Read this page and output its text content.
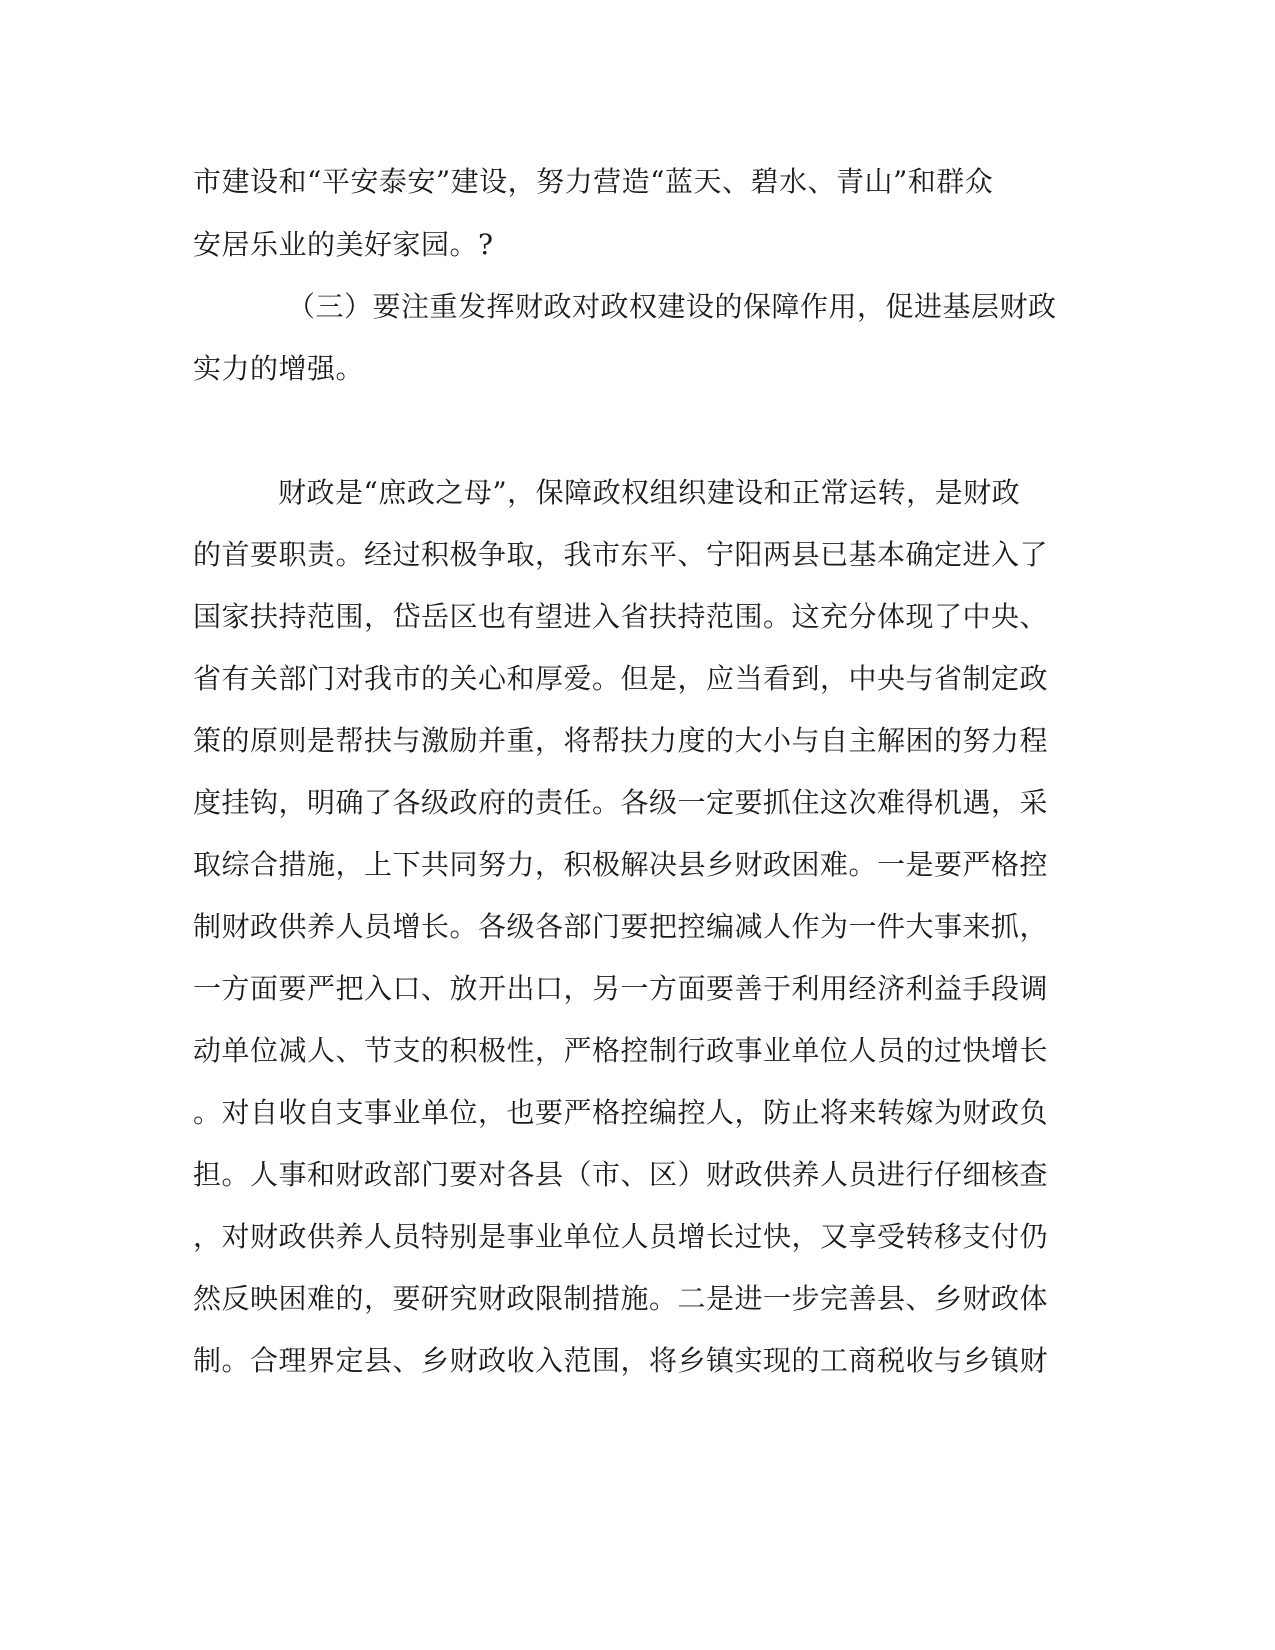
市建设和“平安泰安”建设，努力营造“蓝天、碧水、青山”和群众
安居乐业的美好家园。?
（三）要注重发挥财政对政权建设的保障作用，促进基层财政
实力的增强。
财政是“庶政之母”，保障政权组织建设和正常运转，是财政
的首要职责。经过积极争取，我市东平、宁阳两县已基本确定进入了
国家扶持范围，岱岳区也有望进入省扶持范围。这充分体现了中央、
省有关部门对我市的关心和厚爱。但是，应当看到，中央与省制定政
策的原则是帮扶与激励并重，将帮扶力度的大小与自主解困的努力程
度挂钩，明确了各级政府的责任。各级一定要抓住这次难得机遇，采
取综合措施，上下共同努力，积极解决县乡财政困难。一是要严格控
制财政供养人员增长。各级各部门要把控编减人作为一件大事来抓，
一方面要严把入口、放开出口，另一方面要善于利用经济利益手段调
动单位减人、节支的积极性，严格控制行政事业单位人员的过快增长
。对自收自支事业单位，也要严格控编控人，防止将来转嫁为财政负
担。人事和财政部门要对各县（市、区）财政供养人员进行仔细核查
，对财政供养人员特别是事业单位人员增长过快，又享受转移支付仍
然反映困难的，要研究财政限制措施。二是进一步完善县、乡财政体
制。合理界定县、乡财政收入范围，将乡镇实现的工商税收与乡镇财
